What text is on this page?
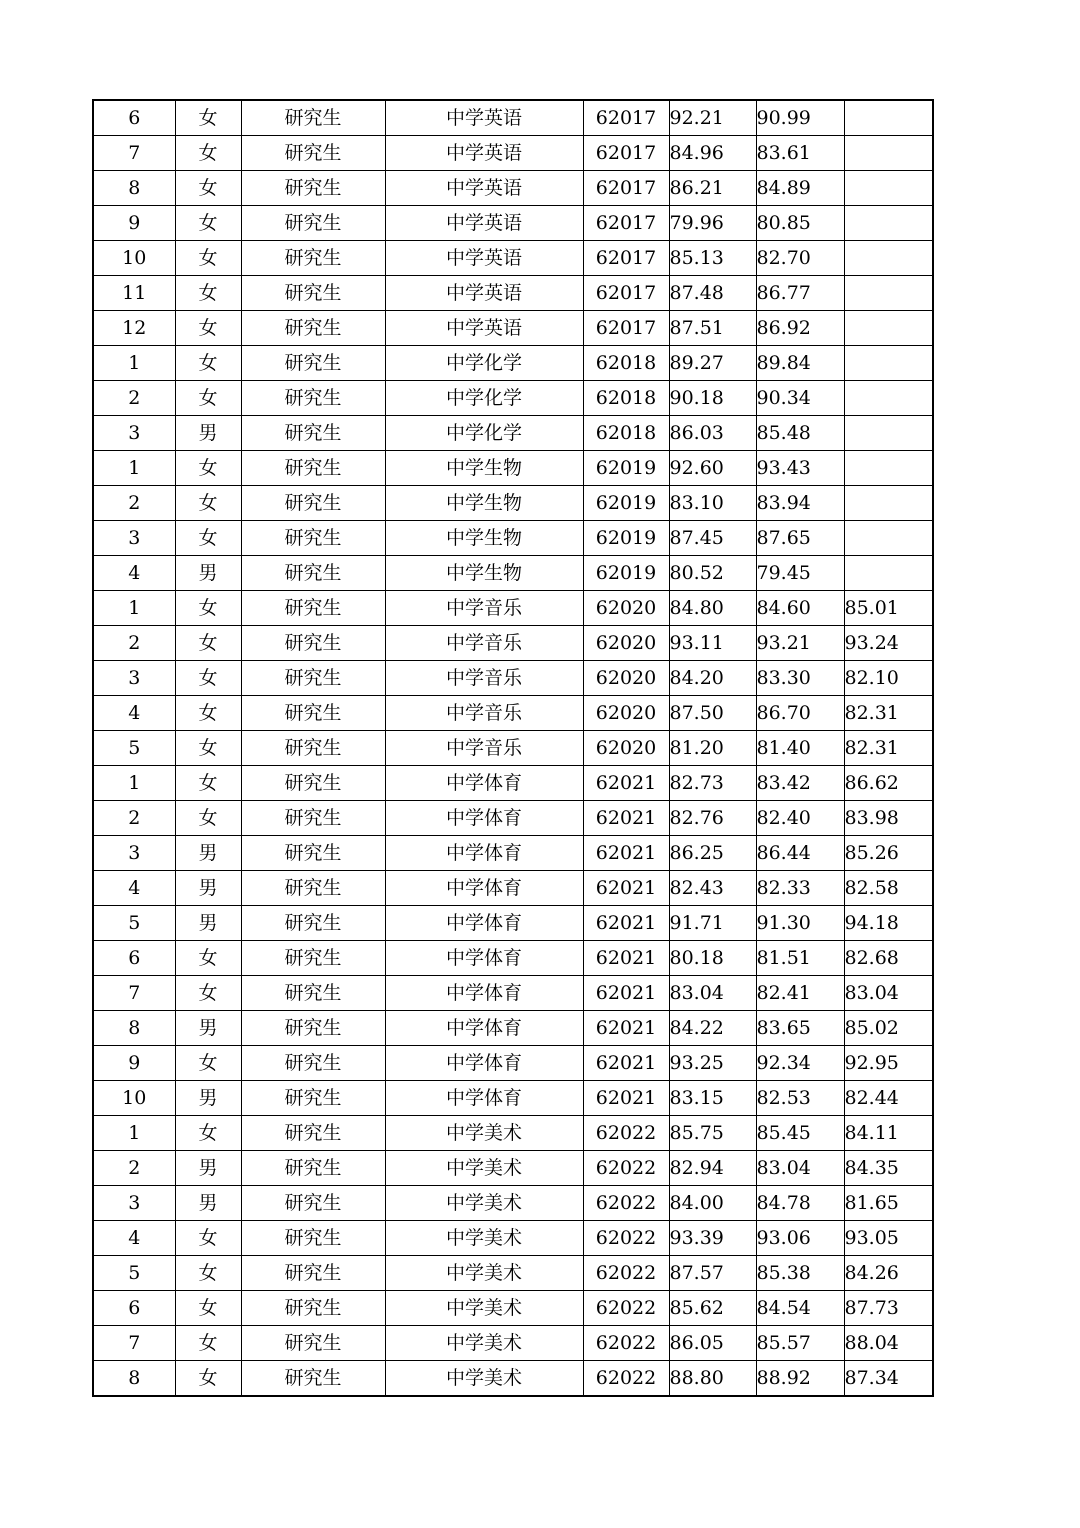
6	女	研究生	中学英语	62017	92.21	90.99	
7	女	研究生	中学英语	62017	84.96	83.61	
8	女	研究生	中学英语	62017	86.21	84.89	
9	女	研究生	中学英语	62017	79.96	80.85	
10	女	研究生	中学英语	62017	85.13	82.70	
11	女	研究生	中学英语	62017	87.48	86.77	
12	女	研究生	中学英语	62017	87.51	86.92	
1	女	研究生	中学化学	62018	89.27	89.84	
2	女	研究生	中学化学	62018	90.18	90.34	
3	男	研究生	中学化学	62018	86.03	85.48	
1	女	研究生	中学生物	62019	92.60	93.43	
2	女	研究生	中学生物	62019	83.10	83.94	
3	女	研究生	中学生物	62019	87.45	87.65	
4	男	研究生	中学生物	62019	80.52	79.45	
1	女	研究生	中学音乐	62020	84.80	84.60	85.01
2	女	研究生	中学音乐	62020	93.11	93.21	93.24
3	女	研究生	中学音乐	62020	84.20	83.30	82.10
4	女	研究生	中学音乐	62020	87.50	86.70	82.31
5	女	研究生	中学音乐	62020	81.20	81.40	82.31
1	女	研究生	中学体育	62021	82.73	83.42	86.62
2	女	研究生	中学体育	62021	82.76	82.40	83.98
3	男	研究生	中学体育	62021	86.25	86.44	85.26
4	男	研究生	中学体育	62021	82.43	82.33	82.58
5	男	研究生	中学体育	62021	91.71	91.30	94.18
6	女	研究生	中学体育	62021	80.18	81.51	82.68
7	女	研究生	中学体育	62021	83.04	82.41	83.04
8	男	研究生	中学体育	62021	84.22	83.65	85.02
9	女	研究生	中学体育	62021	93.25	92.34	92.95
10	男	研究生	中学体育	62021	83.15	82.53	82.44
1	女	研究生	中学美术	62022	85.75	85.45	84.11
2	男	研究生	中学美术	62022	82.94	83.04	84.35
3	男	研究生	中学美术	62022	84.00	84.78	81.65
4	女	研究生	中学美术	62022	93.39	93.06	93.05
5	女	研究生	中学美术	62022	87.57	85.38	84.26
6	女	研究生	中学美术	62022	85.62	84.54	87.73
7	女	研究生	中学美术	62022	86.05	85.57	88.04
8	女	研究生	中学美术	62022	88.80	88.92	87.34
